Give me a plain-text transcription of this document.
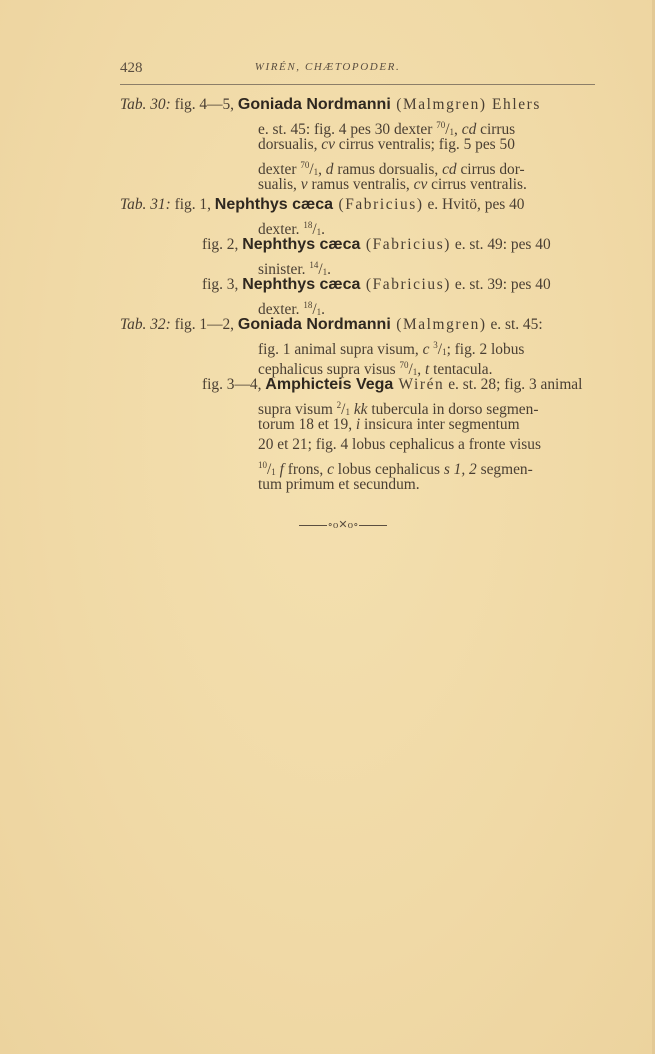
428	WIRÉN, CHÆTOPODER.
Tab. 30: fig. 4—5, Goniada Nordmanni (Malmgren) Ehlers
e. st. 45: fig. 4 pes 30 dexter $^{70}/_1$, cd cirrus
dorsualis, cv cirrus ventralis; fig. 5 pes 50
dexter $^{70}/_1$, d ramus dorsualis, cd cirrus dor-
sualis, v ramus ventralis, cv cirrus ventralis.
Tab. 31: fig. 1, Nephthys cæca (Fabricius) e. Hvitö, pes 40
dexter. $^{18}/_1$.
fig. 2, Nephthys cæca (Fabricius) e. st. 49: pes 40
sinister. $^{14}/_1$.
fig. 3, Nephthys cæca (Fabricius) e. st. 39: pes 40
dexter. $^{18}/_1$.
Tab. 32: fig. 1—2, Goniada Nordmanni (Malmgren) e. st. 45:
fig. 1 animal supra visum, c $^3/_1$; fig. 2 lobus
cephalicus supra visus $^{70}/_1$, t tentacula.
fig. 3—4, Amphicteis Vega Wirén e. st. 28; fig. 3 animal
supra visum $^2/_1$ kk tubercula in dorso segmen-
torum 18 et 19, i insicura inter segmentum
20 et 21; fig. 4 lobus cephalicus a fronte visus
$^{10}/_1$ f frons, c lobus cephalicus s 1, 2 segmen-
tum primum et secundum.
∘o✕o∘
